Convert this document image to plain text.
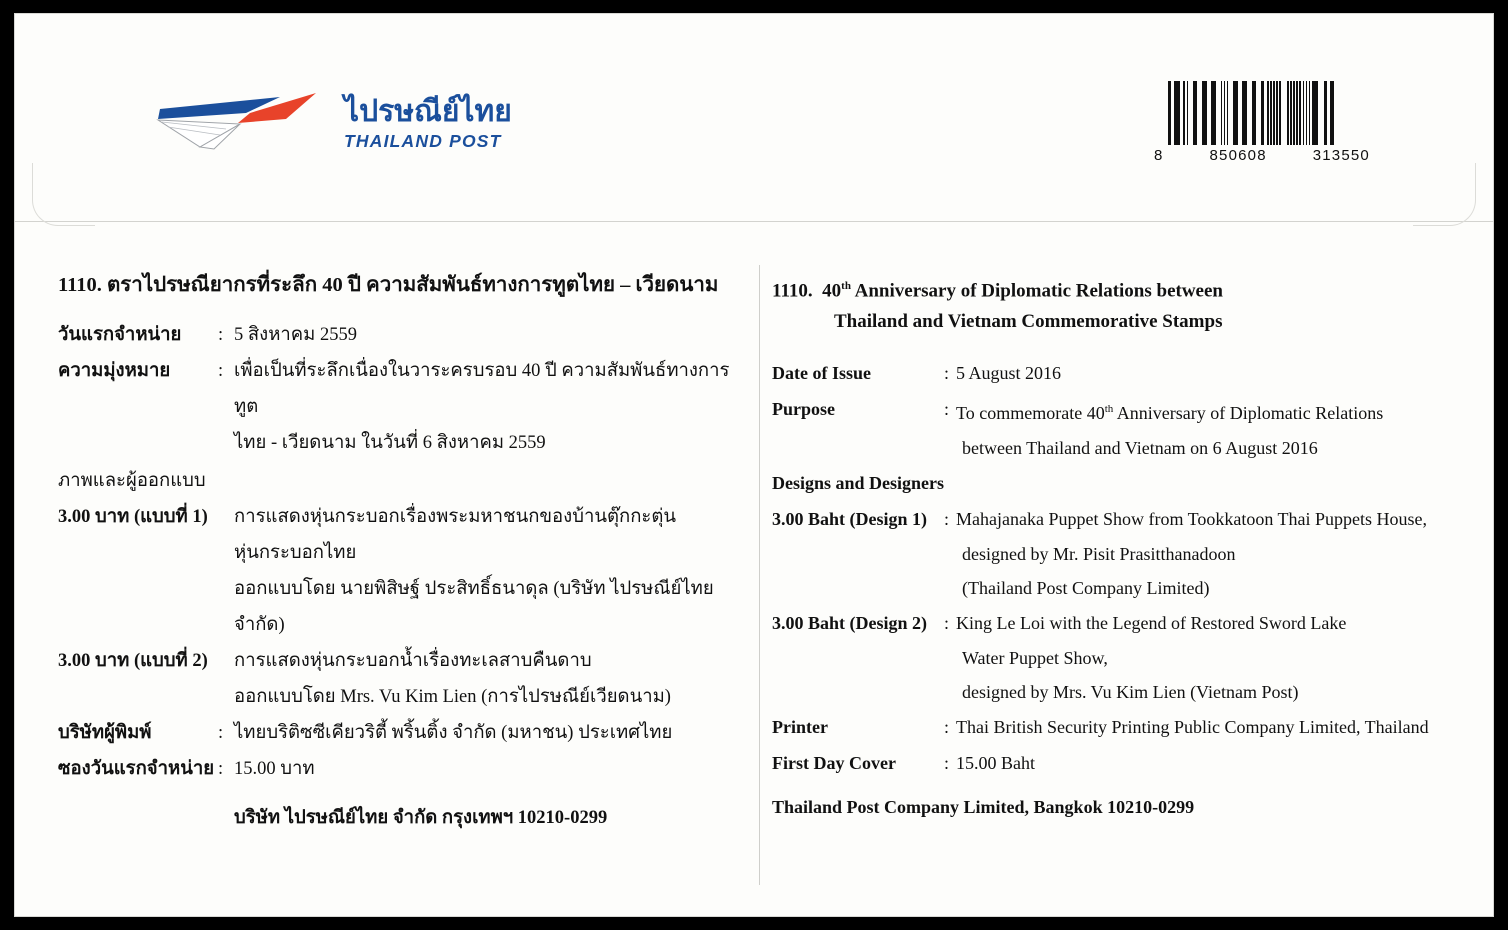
ไปรษณีย์ไทย
THAILAND POST
8	850608	313550
1110. ตราไปรษณียากรที่ระลึก 40 ปี ความสัมพันธ์ทางการทูตไทย – เวียดนาม
วันแรกจำหน่าย	: 5 สิงหาคม 2559
ความมุ่งหมาย	: เพื่อเป็นที่ระลึกเนื่องในวาระครบรอบ 40 ปี ความสัมพันธ์ทางการทูต
ไทย - เวียดนาม ในวันที่ 6 สิงหาคม 2559
ภาพและผู้ออกแบบ
3.00 บาท (แบบที่ 1)	การแสดงหุ่นกระบอกเรื่องพระมหาชนกของบ้านตุ๊กกะตุ่น
หุ่นกระบอกไทย
ออกแบบโดย นายพิสิษฐ์ ประสิทธิ์ธนาดุล (บริษัท ไปรษณีย์ไทย จำกัด)
3.00 บาท (แบบที่ 2)	การแสดงหุ่นกระบอกน้ำเรื่องทะเลสาบคืนดาบ
ออกแบบโดย Mrs. Vu Kim Lien (การไปรษณีย์เวียดนาม)
บริษัทผู้พิมพ์	: ไทยบริติซซีเคียวริตี้ พริ้นติ้ง จำกัด (มหาชน) ประเทศไทย
ซองวันแรกจำหน่าย : 15.00 บาท
บริษัท ไปรษณีย์ไทย จำกัด กรุงเทพฯ 10210-0299
1110. 40th Anniversary of Diplomatic Relations between
Thailand and Vietnam Commemorative Stamps
Date of Issue	: 5 August 2016
Purpose	: To commemorate 40th Anniversary of Diplomatic Relations
between Thailand and Vietnam on 6 August 2016
Designs and Designers
3.00 Baht (Design 1) : Mahajanaka Puppet Show from Tookkatoon Thai Puppets House,
designed by Mr. Pisit Prasitthanadoon
(Thailand Post Company Limited)
3.00 Baht (Design 2) : King Le Loi with the Legend of Restored Sword Lake
Water Puppet Show,
designed by Mrs. Vu Kim Lien (Vietnam Post)
Printer	: Thai British Security Printing Public Company Limited, Thailand
First Day Cover	: 15.00 Baht
Thailand Post Company Limited, Bangkok 10210-0299
